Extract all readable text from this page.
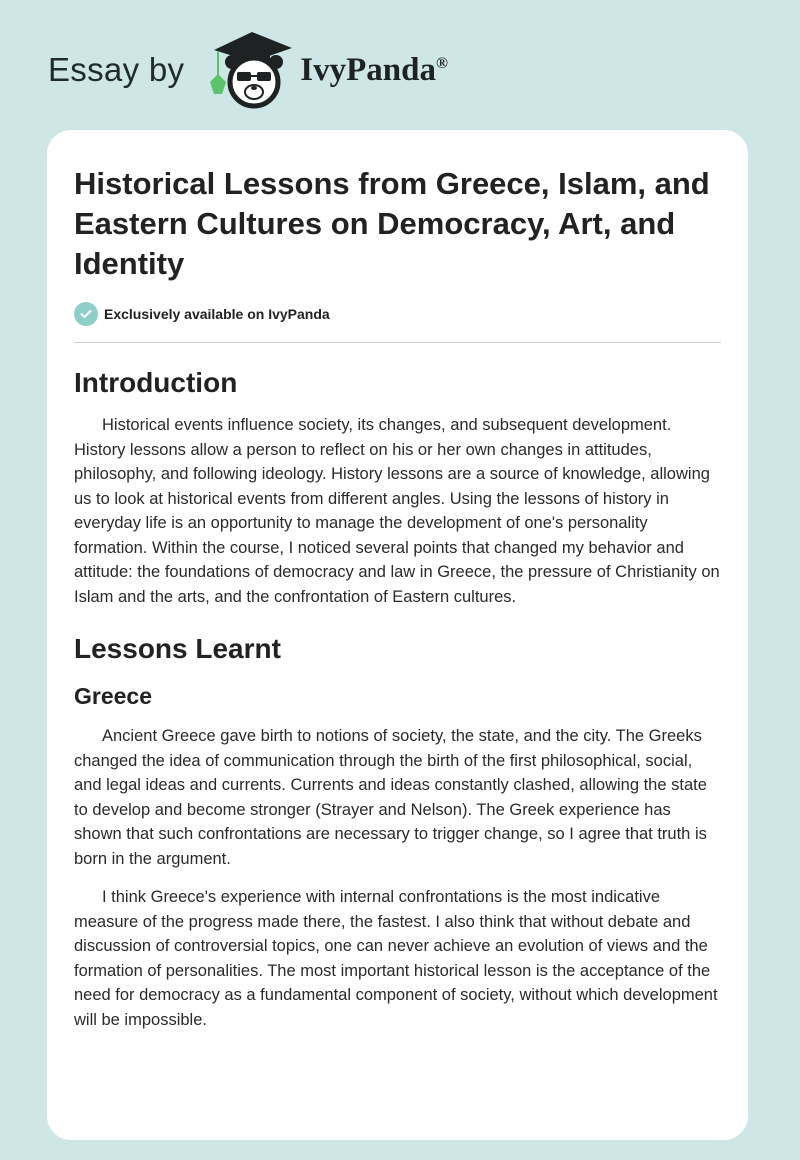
Essay by	IvyPanda®
Historical Lessons from Greece, Islam, and Eastern Cultures on Democracy, Art, and Identity
Exclusively available on IvyPanda
Introduction

Historical events influence society, its changes, and subsequent development. History lessons allow a person to reflect on his or her own changes in attitudes, philosophy, and following ideology. History lessons are a source of knowledge, allowing us to look at historical events from different angles. Using the lessons of history in everyday life is an opportunity to manage the development of one's personality formation. Within the course, I noticed several points that changed my behavior and attitude: the foundations of democracy and law in Greece, the pressure of Christianity on Islam and the arts, and the confrontation of Eastern cultures.

Lessons Learnt
Greece

Ancient Greece gave birth to notions of society, the state, and the city. The Greeks changed the idea of communication through the birth of the first philosophical, social, and legal ideas and currents. Currents and ideas constantly clashed, allowing the state to develop and become stronger (Strayer and Nelson). The Greek experience has shown that such confrontations are necessary to trigger change, so I agree that truth is born in the argument.

I think Greece's experience with internal confrontations is the most indicative measure of the progress made there, the fastest. I also think that without debate and discussion of controversial topics, one can never achieve an evolution of views and the formation of personalities. The most important historical lesson is the acceptance of the need for democracy as a fundamental component of society, without which development will be impossible.
